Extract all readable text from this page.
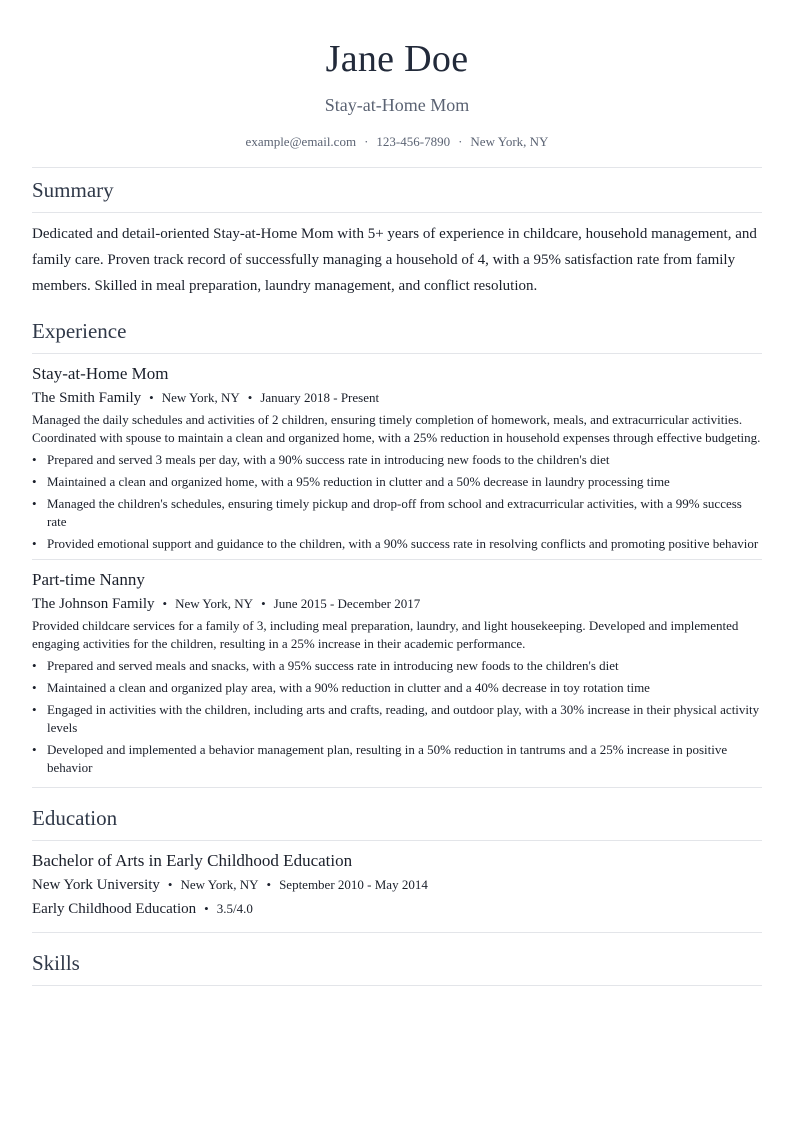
Jane Doe
Stay-at-Home Mom
example@email.com · 123-456-7890 · New York, NY
Summary

Dedicated and detail-oriented Stay-at-Home Mom with 5+ years of experience in childcare, household management, and family care. Proven track record of successfully managing a household of 4, with a 95% satisfaction rate from family members. Skilled in meal preparation, laundry management, and conflict resolution.

Experience
Stay-at-Home Mom
The Smith Family • New York, NY • January 2018 - Present
Managed the daily schedules and activities of 2 children, ensuring timely completion of homework, meals, and extracurricular activities. Coordinated with spouse to maintain a clean and organized home, with a 25% reduction in household expenses through effective budgeting.
• Prepared and served 3 meals per day, with a 90% success rate in introducing new foods to the children's diet
• Maintained a clean and organized home, with a 95% reduction in clutter and a 50% decrease in laundry processing time
• Managed the children's schedules, ensuring timely pickup and drop-off from school and extracurricular activities, with a 99% success rate
• Provided emotional support and guidance to the children, with a 90% success rate in resolving conflicts and promoting positive behavior
Part-time Nanny
The Johnson Family • New York, NY • June 2015 - December 2017
Provided childcare services for a family of 3, including meal preparation, laundry, and light housekeeping. Developed and implemented engaging activities for the children, resulting in a 25% increase in their academic performance.
• Prepared and served meals and snacks, with a 95% success rate in introducing new foods to the children's diet
• Maintained a clean and organized play area, with a 90% reduction in clutter and a 40% decrease in toy rotation time
• Engaged in activities with the children, including arts and crafts, reading, and outdoor play, with a 30% increase in their physical activity levels
• Developed and implemented a behavior management plan, resulting in a 50% reduction in tantrums and a 25% increase in positive behavior
Education
Bachelor of Arts in Early Childhood Education
New York University • New York, NY • September 2010 - May 2014
Early Childhood Education • 3.5/4.0
Skills
